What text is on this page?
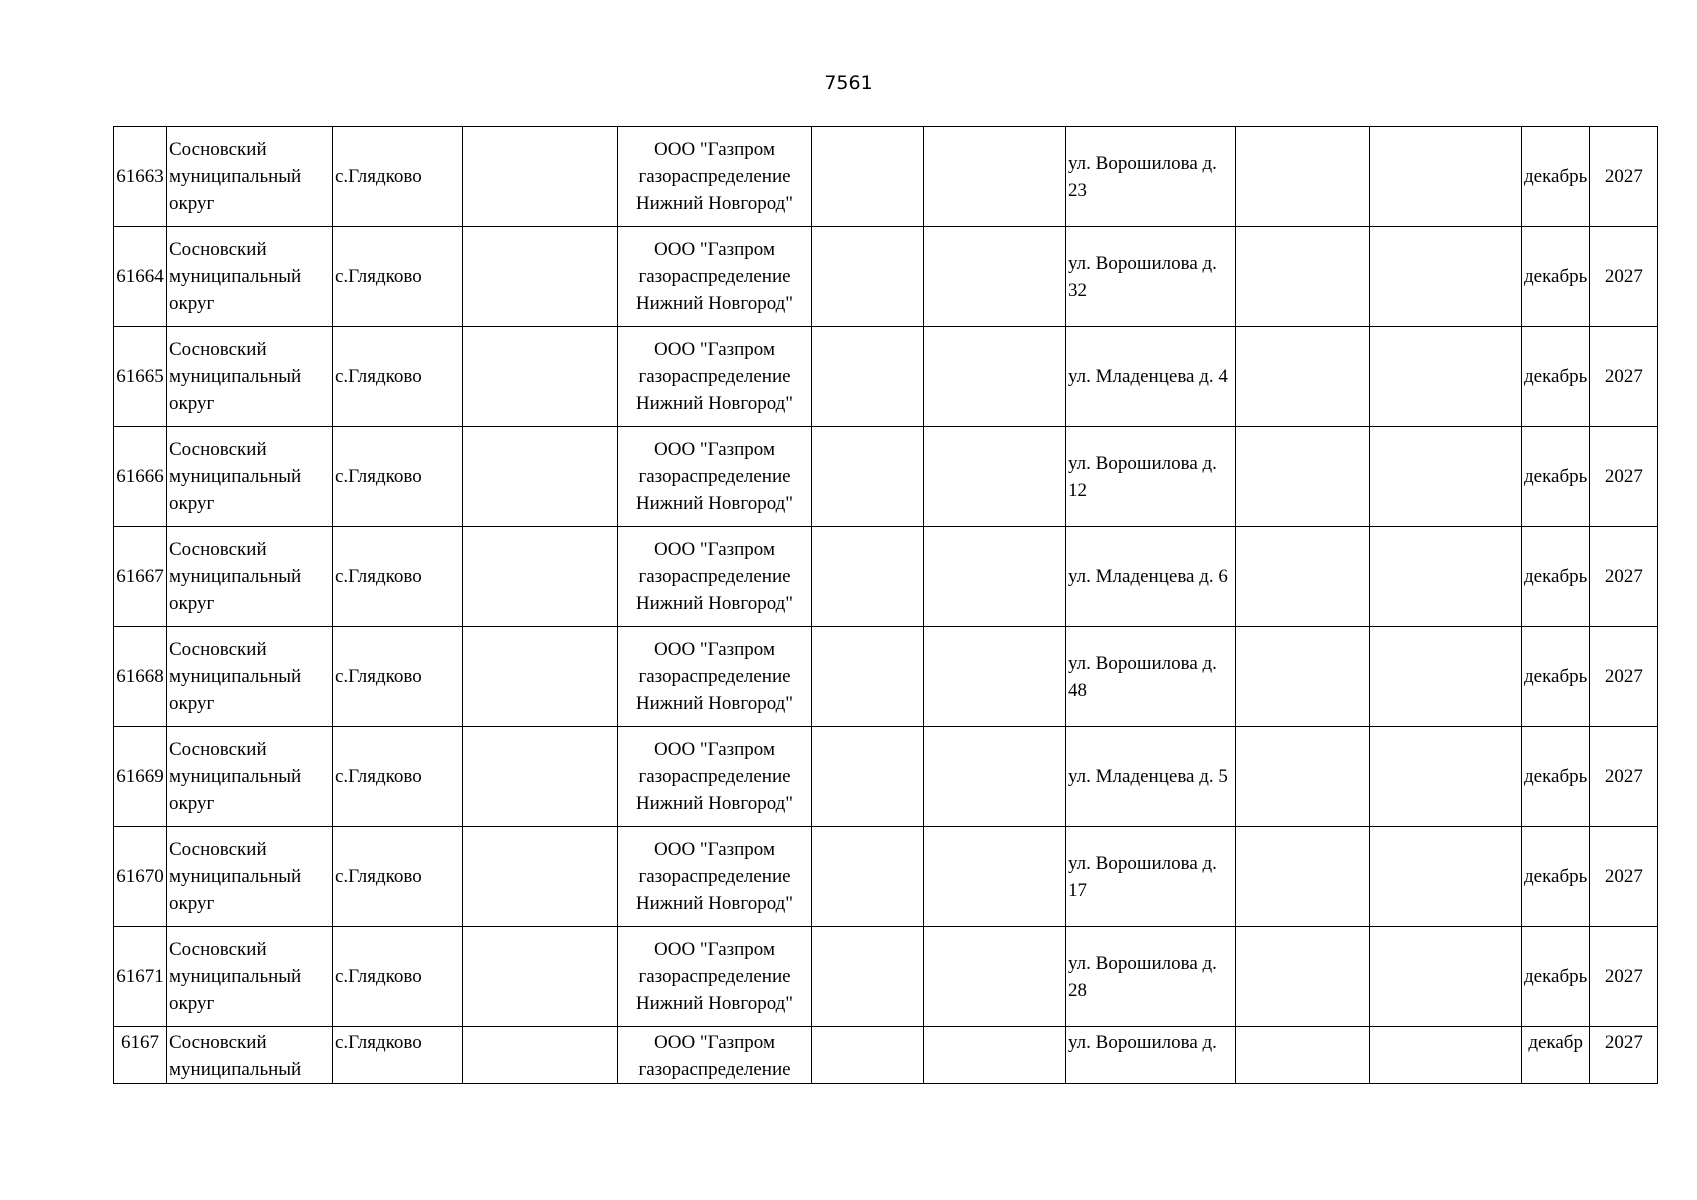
7561
61663	Сосновский муниципальный округ	с.Глядково		ООО "Газпром газораспределение Нижний Новгород"			ул. Ворошилова д. 23			декабрь	2027
61664	Сосновский муниципальный округ	с.Глядково		ООО "Газпром газораспределение Нижний Новгород"			ул. Ворошилова д. 32			декабрь	2027
61665	Сосновский муниципальный округ	с.Глядково		ООО "Газпром газораспределение Нижний Новгород"			ул. Младенцева д. 4			декабрь	2027
61666	Сосновский муниципальный округ	с.Глядково		ООО "Газпром газораспределение Нижний Новгород"			ул. Ворошилова д. 12			декабрь	2027
61667	Сосновский муниципальный округ	с.Глядково		ООО "Газпром газораспределение Нижний Новгород"			ул. Младенцева д. 6			декабрь	2027
61668	Сосновский муниципальный округ	с.Глядково		ООО "Газпром газораспределение Нижний Новгород"			ул. Ворошилова д. 48			декабрь	2027
61669	Сосновский муниципальный округ	с.Глядково		ООО "Газпром газораспределение Нижний Новгород"			ул. Младенцева д. 5			декабрь	2027
61670	Сосновский муниципальный округ	с.Глядково		ООО "Газпром газораспределение Нижний Новгород"			ул. Ворошилова д. 17			декабрь	2027
61671	Сосновский муниципальный округ	с.Глядково		ООО "Газпром газораспределение Нижний Новгород"			ул. Ворошилова д. 28			декабрь	2027
6167	Сосновский муниципальный	с.Глядково		ООО "Газпром газораспределение			ул. Ворошилова д.			декабр	2027
